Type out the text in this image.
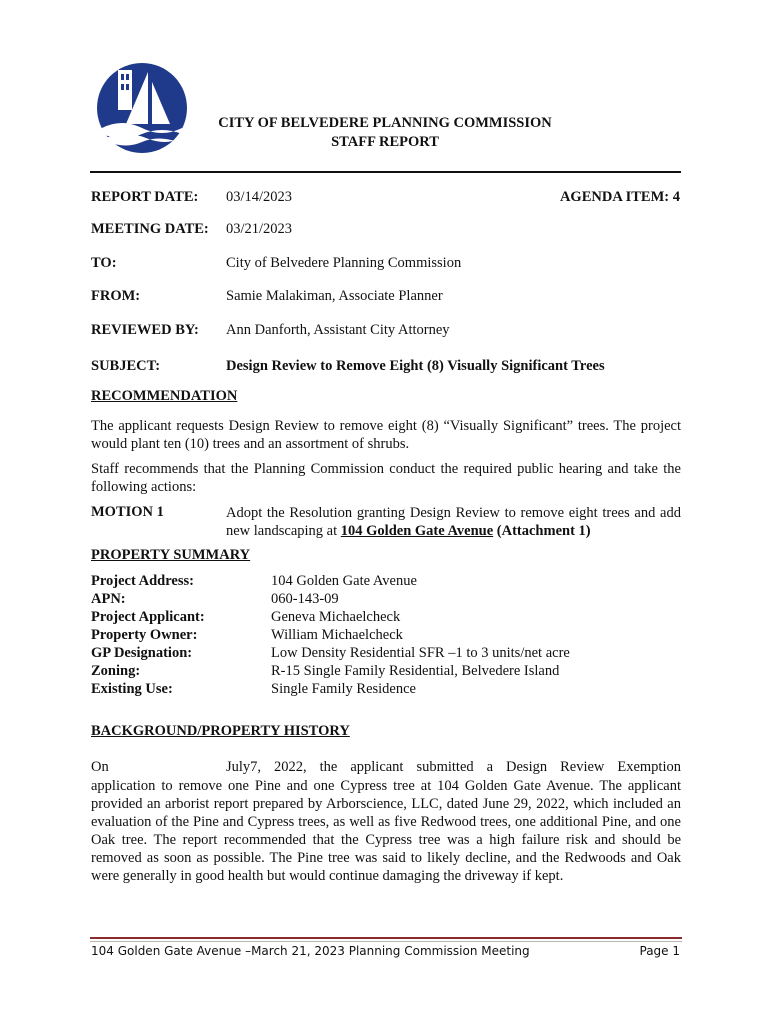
CITY OF BELVEDERE PLANNING COMMISSION
STAFF REPORT
REPORT DATE: 03/14/2023	AGENDA ITEM: 4
MEETING DATE: 03/21/2023
TO:	City of Belvedere Planning Commission
FROM:	Samie Malakiman, Associate Planner
REVIEWED BY: Ann Danforth, Assistant City Attorney
SUBJECT:	Design Review to Remove Eight (8) Visually Significant Trees
RECOMMENDATION

The applicant requests Design Review to remove eight (8) “Visually Significant” trees. The project would plant ten (10) trees and an assortment of shrubs.

Staff recommends that the Planning Commission conduct the required public hearing and take the following actions:

MOTION 1	Adopt the Resolution granting Design Review to remove eight trees and add new landscaping at 104 Golden Gate Avenue (Attachment 1)

PROPERTY SUMMARY
Project Address:	104 Golden Gate Avenue
APN:	060-143-09
Project Applicant:	Geneva Michaelcheck
Property Owner:	William Michaelcheck
GP Designation:	Low Density Residential SFR –1 to 3 units/net acre
Zoning:	R-15 Single Family Residential, Belvedere Island
Existing Use:	Single Family Residence
BACKGROUND/PROPERTY HISTORY
On	July7, 2022, the applicant submitted a Design Review Exemption

application to remove one Pine and one Cypress tree at 104 Golden Gate Avenue. The applicant provided an arborist report prepared by Arborscience, LLC, dated June 29, 2022, which included an evaluation of the Pine and Cypress trees, as well as five Redwood trees, one additional Pine, and one Oak tree. The report recommended that the Cypress tree was a high failure risk and should be removed as soon as possible. The Pine tree was said to likely decline, and the Redwoods and Oak were generally in good health but would continue damaging the driveway if kept.

104 Golden Gate Avenue –March 21, 2023 Planning Commission Meeting	Page 1
